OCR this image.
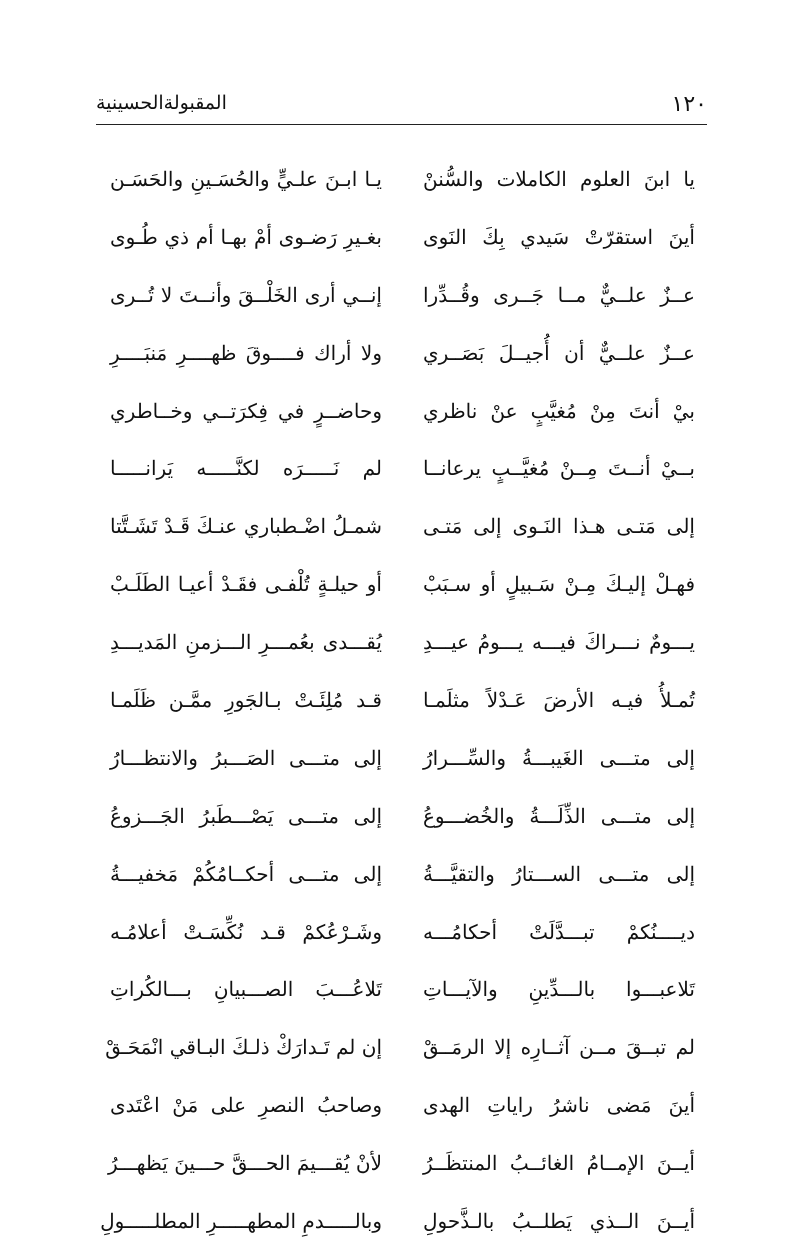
١٢٠
المقبولةالحسينية
يا ابنَ العلوم الكاملات والسُّننْ
يـا ابـنَ علـيٍّ والحُسَـينِ والحَسَـن
أينَ استقرّتْ سَيدي بِكَ النَوى
بغـيرِ رَضـوى أمْ بهـا أم ذي طُـوى
عــزٌ علــيٌّ مــا جَــرى وقُــدِّرا
إنــي أرى الخَلْــقَ وأنــتَ لا تُــرى
عــزٌ علــيٌّ أن أُجيــلَ بَصَــري
ولا أراك فــــوقَ ظهــــرِ مَنبَــــرِ
بيْ أنتَ مِنْ مُغيَّبٍ عنْ ناظري
وحاضــرٍ في فِكرَتــي وخــاطري
بــيْ أنــتَ مِــنْ مُغيَّــبٍ يرعانــا
لم نَـــــرَه لكنَّـــــه يَرانـــــا
إلى مَتـى هـذا النَـوى إلى مَتـى
شمـلُ اضْـطباري عنـكَ قَـدْ تَشَـتَّتا
فهـلْ إليـكَ مِـنْ سَـبيلٍ أو سـبَبْ
أو حيلـةٍ تُلْفـى فقَـدْ أعيـا الطَلَـبْ
يـــومٌ نـــراكَ فيـــه يـــومُ عيـــدِ
يُقـــدى بعُمـــرِ الـــزمنِ المَديـــدِ
تُمـلأُ فيـه الأرضَ عَـدْلاً مثلَمـا
قـد مُلِئَـتْ بـالجَورِ ممَّـن ظَلَمـا
إلى متـــى الغَيبـــةُ والسِّـــرارُ
إلى متـــى الصَـــبرُ والانتظـــارُ
إلى متـــى الذِّلَـــةُ والخُضـــوعُ
إلى متـــى يَصْـــطَبرُ الجَـــزوعُ
إلى متـــى الســـتارُ والتقيَّـــةُ
إلى متـــى أحكــامُكُمْ مَخفيـــةُ
ديــــنُكمْ تبـــدَّلَتْ أحكامُـــه
وشَـرْعُكمْ قـد نُكِّسَـتْ أعلامُـه
تَلاعبـــوا بالـــدِّينِ والآيـــاتِ
تَلاعُـــبَ الصـــبيانِ بـــالكُراتِ
لم تبــقَ مــن آثــارِه إلا الرمَــقْ
إن لم تَـدارَكْ ذلـكَ البـاقي انْمَحَـقْ
أينَ مَضى ناشرُ راياتِ الهدى
وصاحبُ النصرِ على مَنْ اعْتَدى
أيــنَ الإمــامُ الغائــبُ المنتظَــرُ
لأنْ يُقـــيمَ الحـــقَّ حـــينَ يَظهـــرُ
أيــنَ الــذي يَطلــبُ بالـذَّحولِ
وبالـــــدمِ المطهـــــرِ المطلـــــولِ
